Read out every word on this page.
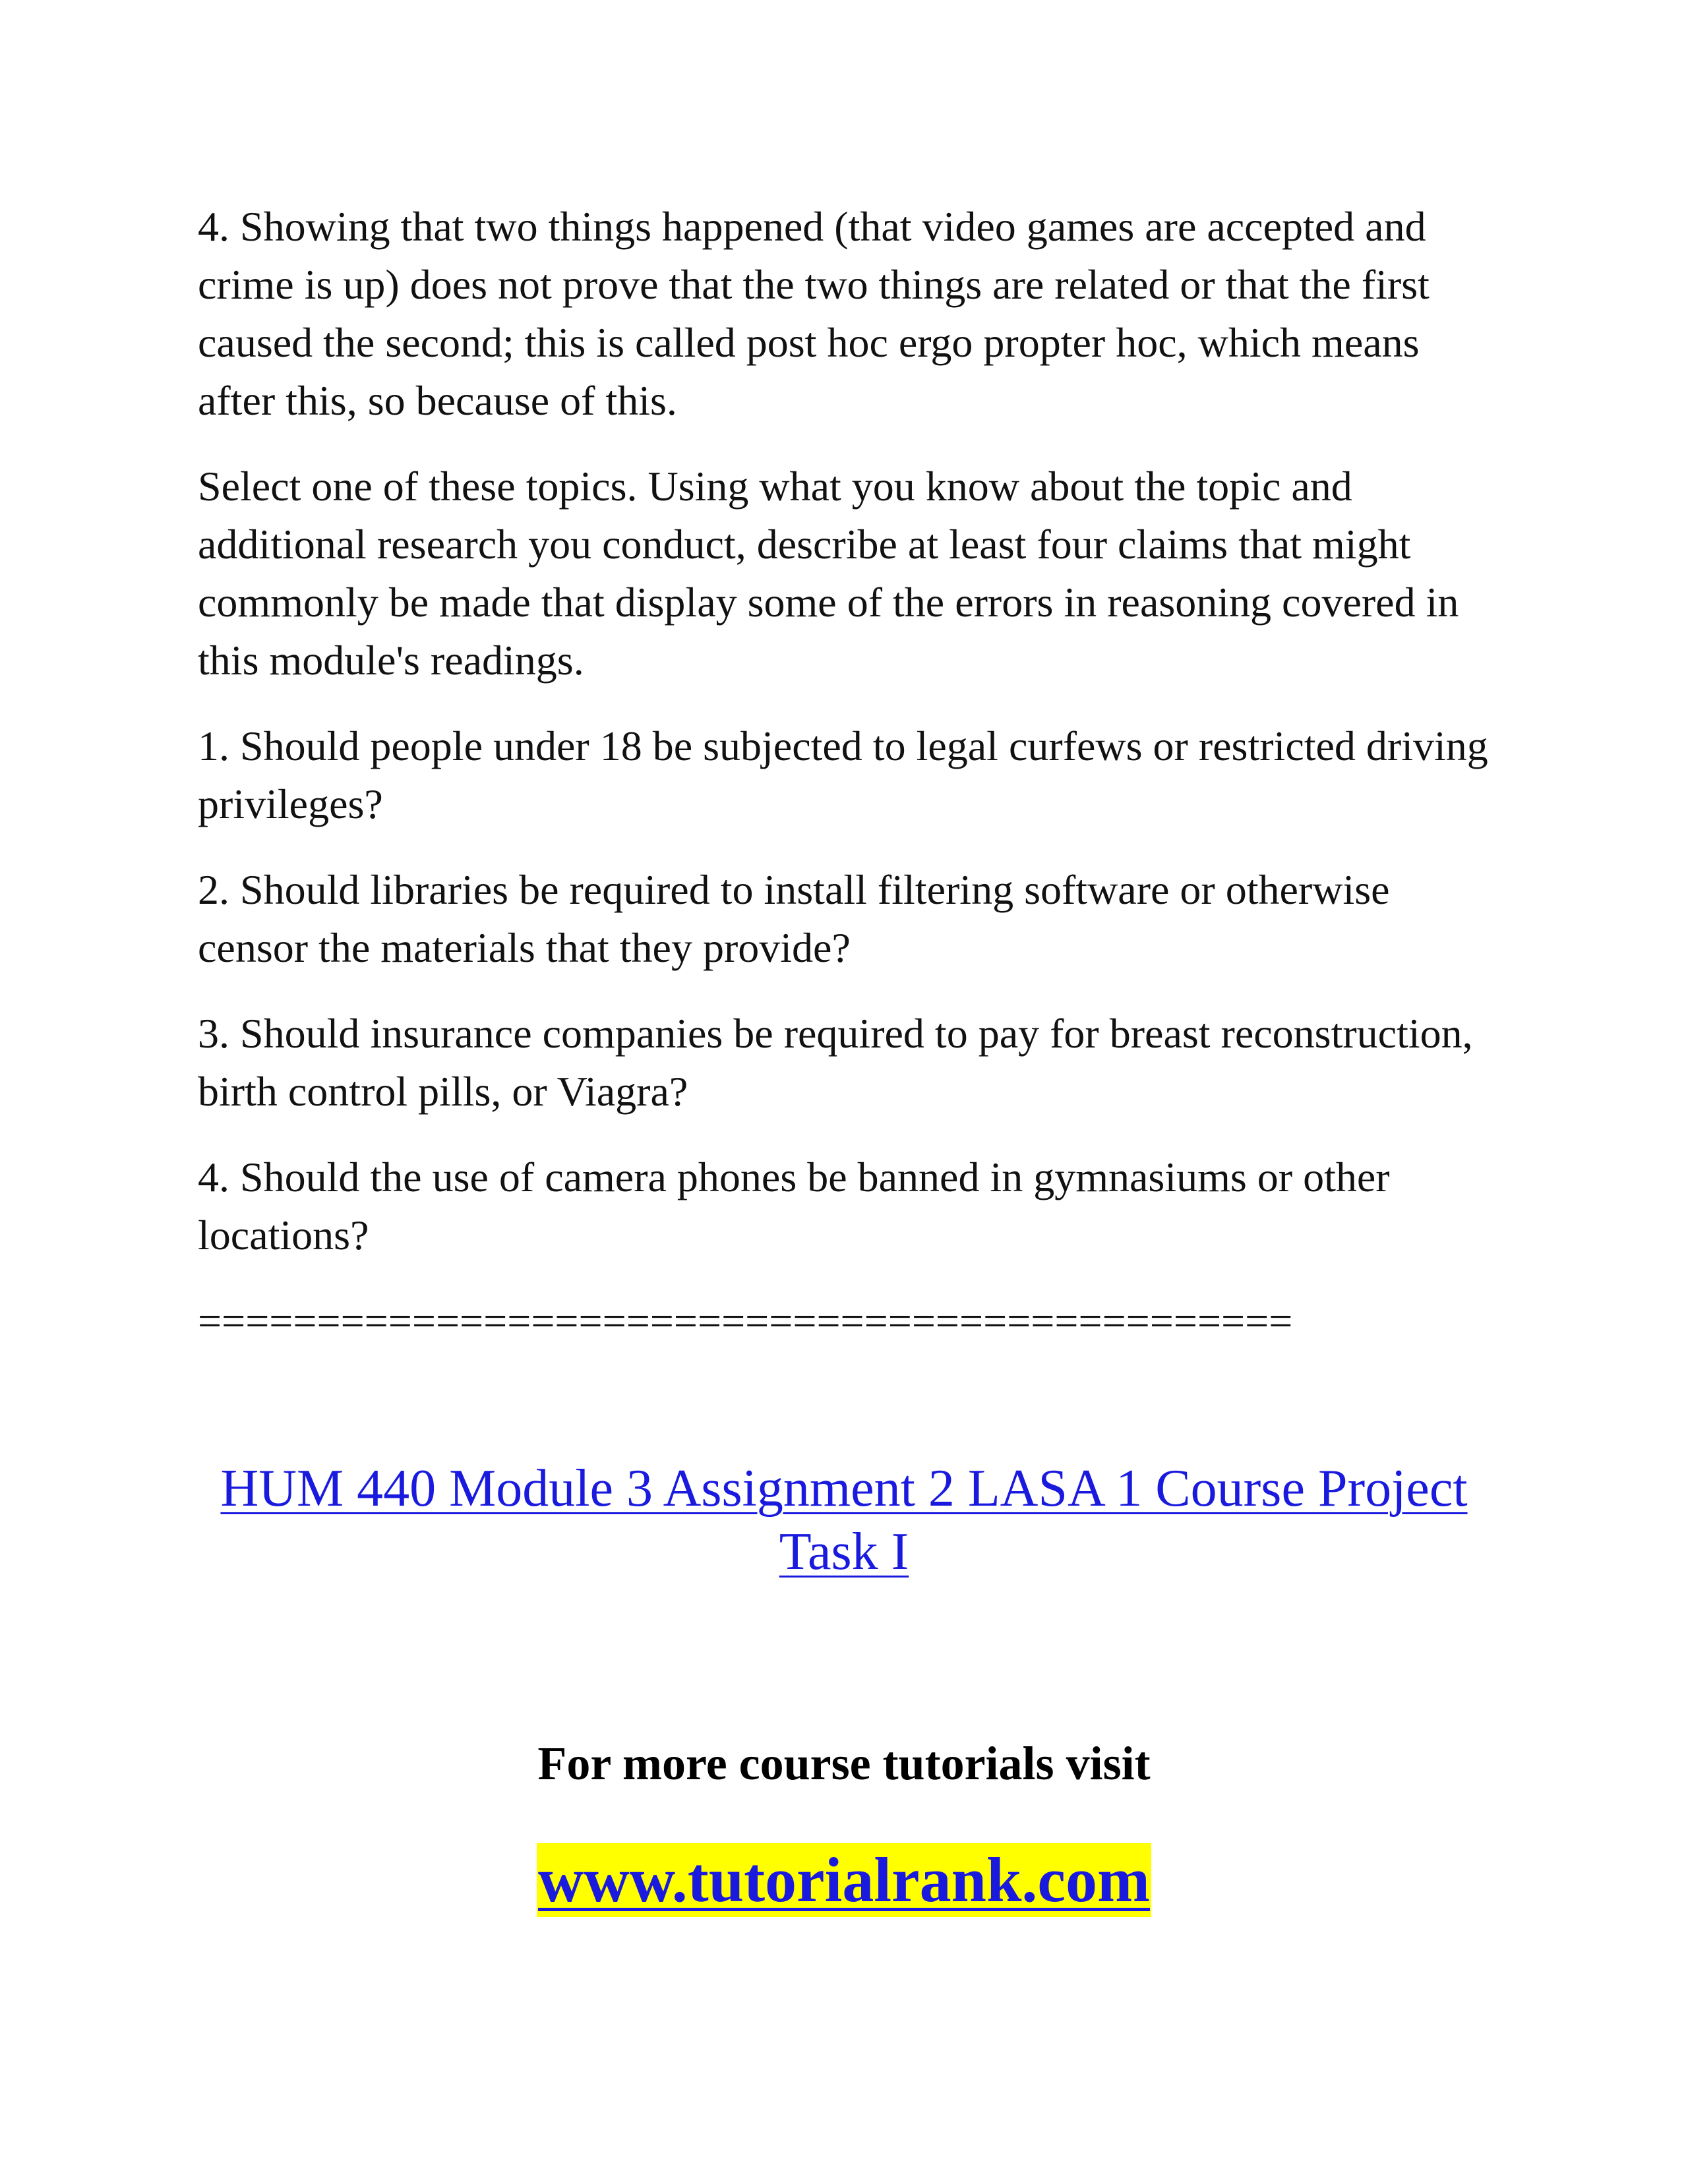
4. Showing that two things happened (that video games are accepted and crime is up) does not prove that the two things are related or that the first caused the second; this is called post hoc ergo propter hoc, which means after this, so because of this.

Select one of these topics. Using what you know about the topic and additional research you conduct, describe at least four claims that might commonly be made that display some of the errors in reasoning covered in this module's readings.

1. Should people under 18 be subjected to legal curfews or restricted driving privileges?

2. Should libraries be required to install filtering software or otherwise censor the materials that they provide?

3. Should insurance companies be required to pay for breast reconstruction, birth control pills, or Viagra?

4. Should the use of camera phones be banned in gymnasiums or other locations?

==============================================

HUM 440 Module 3 Assignment 2 LASA 1 Course Project Task I
For more course tutorials visit
www.tutorialrank.com
